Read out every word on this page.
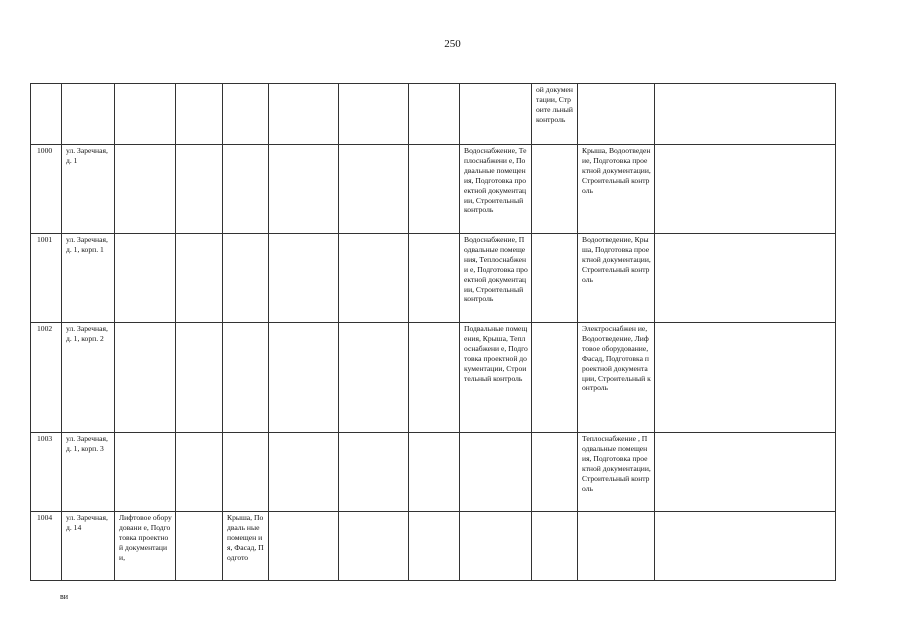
250
									ой докумен тации, Строите льный контроль		
1000	ул. Заречная, д. 1							Водоснабжение, Теплоснабжени е, Подвальные помещения, Подготовка проектной документации, Строительный контроль		Крыша, Водоотведение, Подготовка проектной документации, Строительный контроль	
1001	ул. Заречная, д. 1, корп. 1							Водоснабжение, Подвальные помещения, Теплоснабжени е, Подготовка проектной документации, Строительный контроль		Водоотведение, Крыша, Подготовка проектной документации, Строительный контроль	
1002	ул. Заречная, д. 1, корп. 2							Подвальные помещения, Крыша, Теплоснабжени е, Подготовка проектной документации, Строительный контроль		Электроснабжен ие, Водоотведение, Лифтовое оборудование, Фасад, Подготовка проектной документации, Строительный контроль	
1003	ул. Заречная, д. 1, корп. 3									Теплоснабжение , Подвальные помещения, Подготовка проектной документации, Строительный контроль	
1004	ул. Заречная, д. 14	Лифтовое оборудовани е, Подготовка проектной документаци и,		Крыша, Подваль ные помещен ия, Фасад, Подгото							
ви
